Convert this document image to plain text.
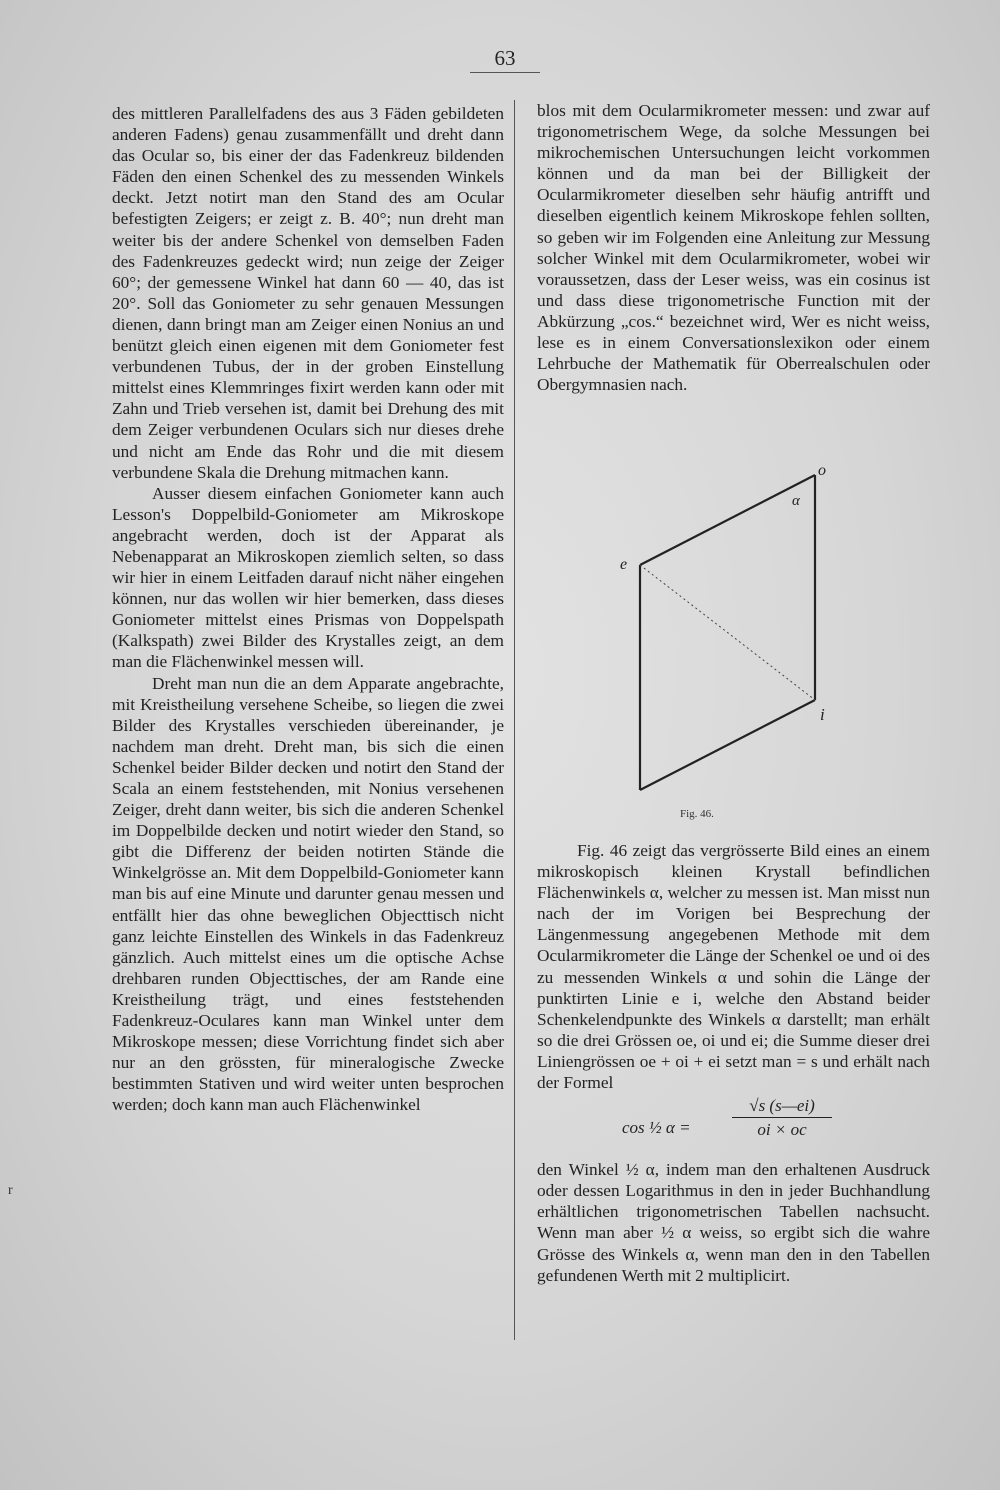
63

des mittleren Parallelfadens des aus 3 Fäden gebildeten anderen Fadens) genau zusammenfällt und dreht dann das Ocular so, bis einer der das Fadenkreuz bildenden Fäden den einen Schenkel des zu messenden Winkels deckt. Jetzt notirt man den Stand des am Ocular befestigten Zeigers; er zeigt z. B. 40°; nun dreht man weiter bis der andere Schenkel von demselben Faden des Fadenkreuzes gedeckt wird; nun zeige der Zeiger 60°; der gemessene Winkel hat dann 60 — 40, das ist 20°. Soll das Goniometer zu sehr genauen Messungen dienen, dann bringt man am Zeiger einen Nonius an und benützt gleich einen eigenen mit dem Goniometer fest verbundenen Tubus, der in der groben Einstellung mittelst eines Klemmringes fixirt werden kann oder mit Zahn und Trieb versehen ist, damit bei Drehung des mit dem Zeiger verbundenen Oculars sich nur dieses drehe und nicht am Ende das Rohr und die mit diesem verbundene Skala die Drehung mitmachen kann.

Ausser diesem einfachen Goniometer kann auch Lesson's Doppelbild-Goniometer am Mikroskope angebracht werden, doch ist der Apparat als Nebenapparat an Mikroskopen ziemlich selten, so dass wir hier in einem Leitfaden darauf nicht näher eingehen können, nur das wollen wir hier bemerken, dass dieses Goniometer mittelst eines Prismas von Doppelspath (Kalkspath) zwei Bilder des Krystalles zeigt, an dem man die Flächenwinkel messen will.

Dreht man nun die an dem Apparate angebrachte, mit Kreistheilung versehene Scheibe, so liegen die zwei Bilder des Krystalles verschieden übereinander, je nachdem man dreht. Dreht man, bis sich die einen Schenkel beider Bilder decken und notirt den Stand der Scala an einem feststehenden, mit Nonius versehenen Zeiger, dreht dann weiter, bis sich die anderen Schenkel im Doppelbilde decken und notirt wieder den Stand, so gibt die Differenz der beiden notirten Stände die Winkelgrösse an. Mit dem Doppelbild-Goniometer kann man bis auf eine Minute und darunter genau messen und entfällt hier das ohne beweglichen Objecttisch nicht ganz leichte Einstellen des Winkels in das Fadenkreuz gänzlich. Auch mittelst eines um die optische Achse drehbaren runden Objecttisches, der am Rande eine Kreistheilung trägt, und eines feststehenden Fadenkreuz-Oculares kann man Winkel unter dem Mikroskope messen; diese Vorrichtung findet sich aber nur an den grössten, für mineralogische Zwecke bestimmten Stativen und wird weiter unten besprochen werden; doch kann man auch Flächenwinkel

blos mit dem Ocularmikrometer messen: und zwar auf trigonometrischem Wege, da solche Messungen bei mikrochemischen Untersuchungen leicht vorkommen können und da man bei der Billigkeit der Ocularmikrometer dieselben sehr häufig antrifft und dieselben eigentlich keinem Mikroskope fehlen sollten, so geben wir im Folgenden eine Anleitung zur Messung solcher Winkel mit dem Ocularmikrometer, wobei wir voraussetzen, dass der Leser weiss, was ein cosinus ist und dass diese trigonometrische Function mit der Abkürzung „cos.“ bezeichnet wird, Wer es nicht weiss, lese es in einem Conversationslexikon oder einem Lehrbuche der Mathematik für Oberrealschulen oder Obergymnasien nach.

o
α
e
i
Fig. 46.

Fig. 46 zeigt das vergrösserte Bild eines an einem mikroskopisch kleinen Krystall befindlichen Flächenwinkels α, welcher zu messen ist. Man misst nun nach der im Vorigen bei Besprechung der Längenmessung angegebenen Methode mit dem Ocularmikrometer die Länge der Schenkel oe und oi des zu messenden Winkels α und sohin die Länge der punktirten Linie e i, welche den Abstand beider Schenkelendpunkte des Winkels α darstellt; man erhält so die drei Grössen oe, oi und ei; die Summe dieser drei Liniengrössen oe + oi + ei setzt man = s und erhält nach der Formel

cos ½ $\alpha = \frac{√s (s—ei)}{oi \times oc}$

den Winkel ½ α, indem man den erhaltenen Ausdruck oder dessen Logarithmus in den in jeder Buchhandlung erhältlichen trigonometrischen Tabellen nachsucht. Wenn man aber ½ α weiss, so ergibt sich die wahre Grösse des Winkels α, wenn man den in den Tabellen gefundenen Werth mit 2 multiplicirt.

r
